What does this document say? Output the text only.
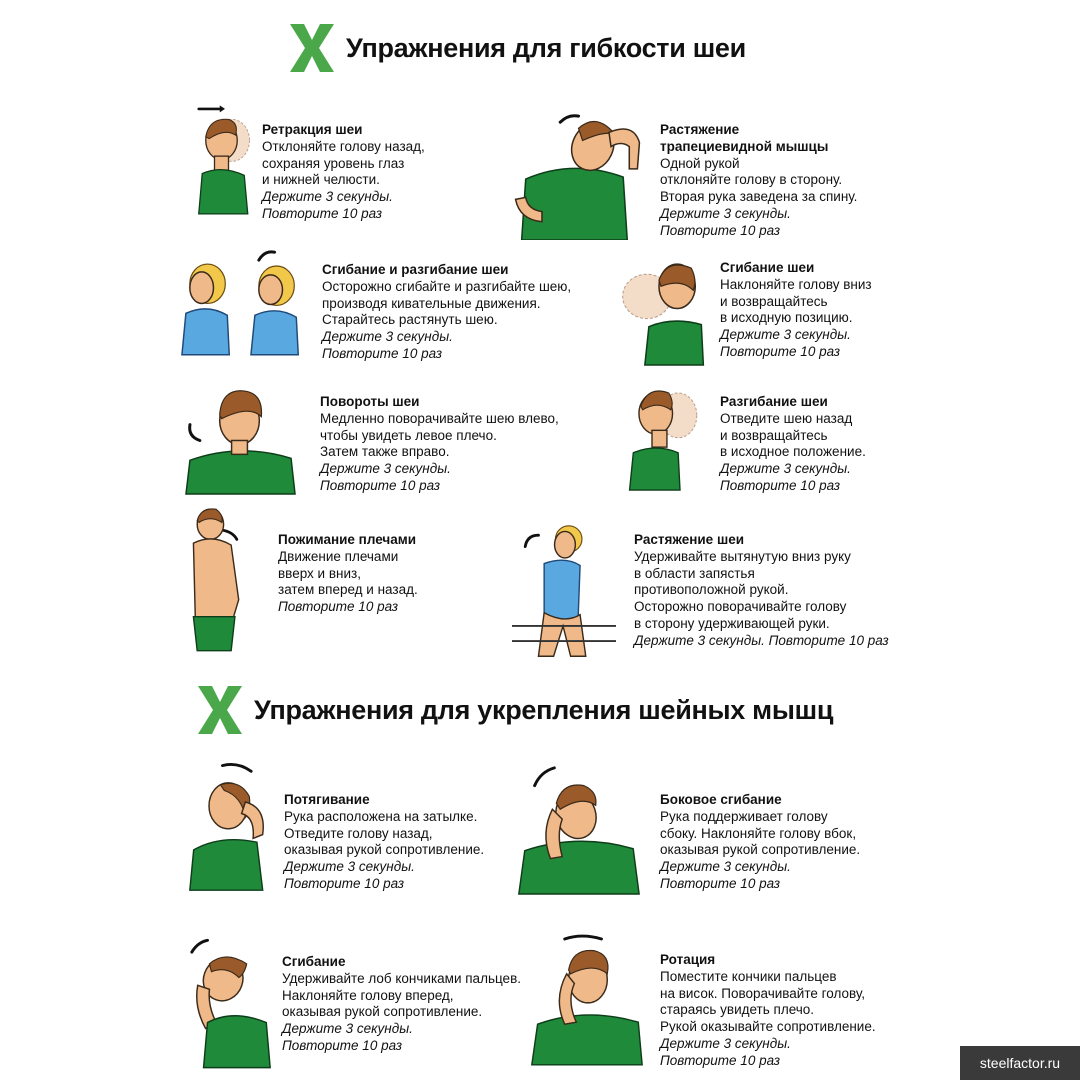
Упражнения для гибкости шеи
Упражнения для укрепления шейных мышц
Ретракция шеи
Отклоняйте голову назад,
сохраняя уровень глаз
и нижней челюсти.
Держите 3 секунды.
Повторите 10 раз
Растяжение
трапециевидной мышцы
Одной рукой
отклоняйте голову в сторону.
Вторая рука заведена за спину.
Держите 3 секунды.
Повторите 10 раз
Сгибание и разгибание шеи
Осторожно сгибайте и разгибайте шею,
производя кивательные движения.
Старайтесь растянуть шею.
Держите 3 секунды.
Повторите 10 раз
Сгибание шеи
Наклоняйте голову вниз
и возвращайтесь
в исходную позицию.
Держите 3 секунды.
Повторите 10 раз
Повороты шеи
Медленно поворачивайте шею влево,
чтобы увидеть левое плечо.
Затем также вправо.
Держите 3 секунды.
Повторите 10 раз
Разгибание шеи
Отведите шею назад
и возвращайтесь
в исходное положение.
Держите 3 секунды.
Повторите 10 раз
Пожимание плечами
Движение плечами
вверх и вниз,
затем вперед и назад.
Повторите 10 раз
Растяжение шеи
Удерживайте вытянутую вниз руку
в области запястья
противоположной рукой.
Осторожно поворачивайте голову
в сторону удерживающей руки.
Держите 3 секунды. Повторите 10 раз
Потягивание
Рука расположена на затылке.
Отведите голову назад,
оказывая рукой сопротивление.
Держите 3 секунды.
Повторите 10 раз
Боковое сгибание
Рука поддерживает голову
сбоку. Наклоняйте голову вбок,
оказывая рукой сопротивление.
Держите 3 секунды.
Повторите 10 раз
Сгибание
Удерживайте лоб кончиками пальцев.
Наклоняйте голову вперед,
оказывая рукой сопротивление.
Держите 3 секунды.
Повторите 10 раз
Ротация
Поместите кончики пальцев
на висок. Поворачивайте голову,
стараясь увидеть плечо.
Рукой оказывайте сопротивление.
Держите 3 секунды.
Повторите 10 раз	steelfactor.ru
